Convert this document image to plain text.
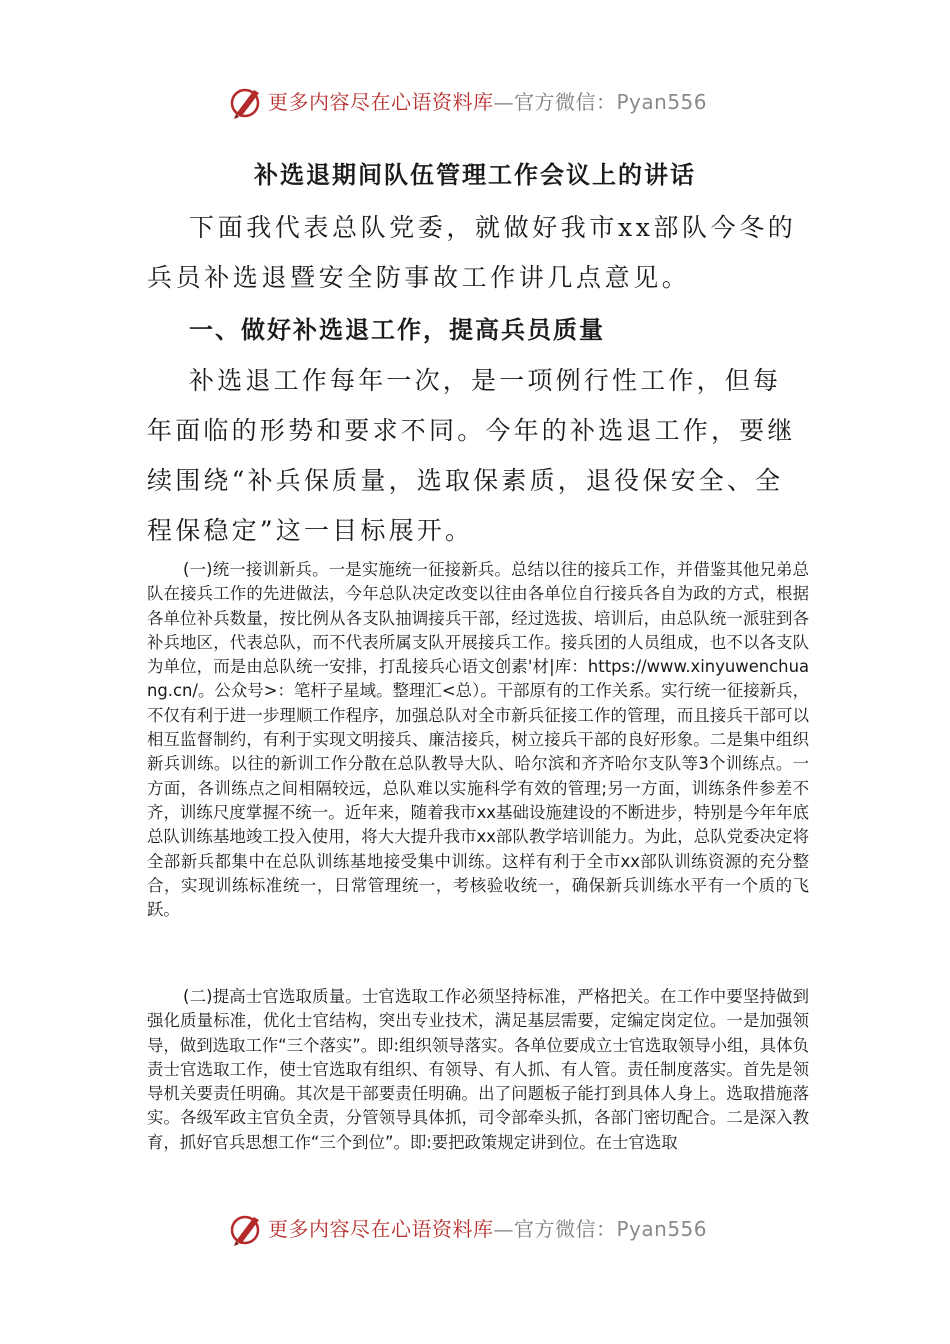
更多内容尽在心语资料库—官方微信：Pyan556
补选退期间队伍管理工作会议上的讲话

下面我代表总队党委，就做好我市xx部队今冬的兵员补选退暨安全防事故工作讲几点意见。

一、做好补选退工作，提高兵员质量

补选退工作每年一次，是一项例行性工作，但每年面临的形势和要求不同。今年的补选退工作，要继续围绕“补兵保质量，选取保素质，退役保安全、全程保稳定”这一目标展开。

(一)统一接训新兵。一是实施统一征接新兵。总结以往的接兵工作，并借鉴其他兄弟总队在接兵工作的先进做法，今年总队决定改变以往由各单位自行接兵各自为政的方式，根据各单位补兵数量，按比例从各支队抽调接兵干部，经过选拔、培训后，由总队统一派驻到各补兵地区，代表总队，而不代表所属支队开展接兵工作。接兵团的人员组成，也不以各支队为单位，而是由总队统一安排，打乱接兵心语文创素'材|库：https://www.xinyuwenchuang.cn/。公众号>：笔杆子星域。整理汇<总）。干部原有的工作关系。实行统一征接新兵，不仅有利于进一步理顺工作程序，加强总队对全市新兵征接工作的管理，而且接兵干部可以相互监督制约，有利于实现文明接兵、廉洁接兵，树立接兵干部的良好形象。二是集中组织新兵训练。以往的新训工作分散在总队教导大队、哈尔滨和齐齐哈尔支队等3个训练点。一方面，各训练点之间相隔较远，总队难以实施科学有效的管理;另一方面，训练条件参差不齐，训练尺度掌握不统一。近年来，随着我市xx基础设施建设的不断进步，特别是今年年底总队训练基地竣工投入使用，将大大提升我市xx部队教学培训能力。为此，总队党委决定将全部新兵都集中在总队训练基地接受集中训练。这样有利于全市xx部队训练资源的充分整合，实现训练标准统一，日常管理统一，考核验收统一，确保新兵训练水平有一个质的飞跃。

(二)提高士官选取质量。士官选取工作必须坚持标准，严格把关。在工作中要坚持做到强化质量标准，优化士官结构，突出专业技术，满足基层需要，定编定岗定位。一是加强领导，做到选取工作“三个落实”。即:组织领导落实。各单位要成立士官选取领导小组，具体负责士官选取工作，使士官选取有组织、有领导、有人抓、有人管。责任制度落实。首先是领导机关要责任明确。其次是干部要责任明确。出了问题板子能打到具体人身上。选取措施落实。各级军政主官负全责，分管领导具体抓，司令部牵头抓，各部门密切配合。二是深入教育，抓好官兵思想工作“三个到位”。即:要把政策规定讲到位。在士官选取

更多内容尽在心语资料库—官方微信：Pyan556
